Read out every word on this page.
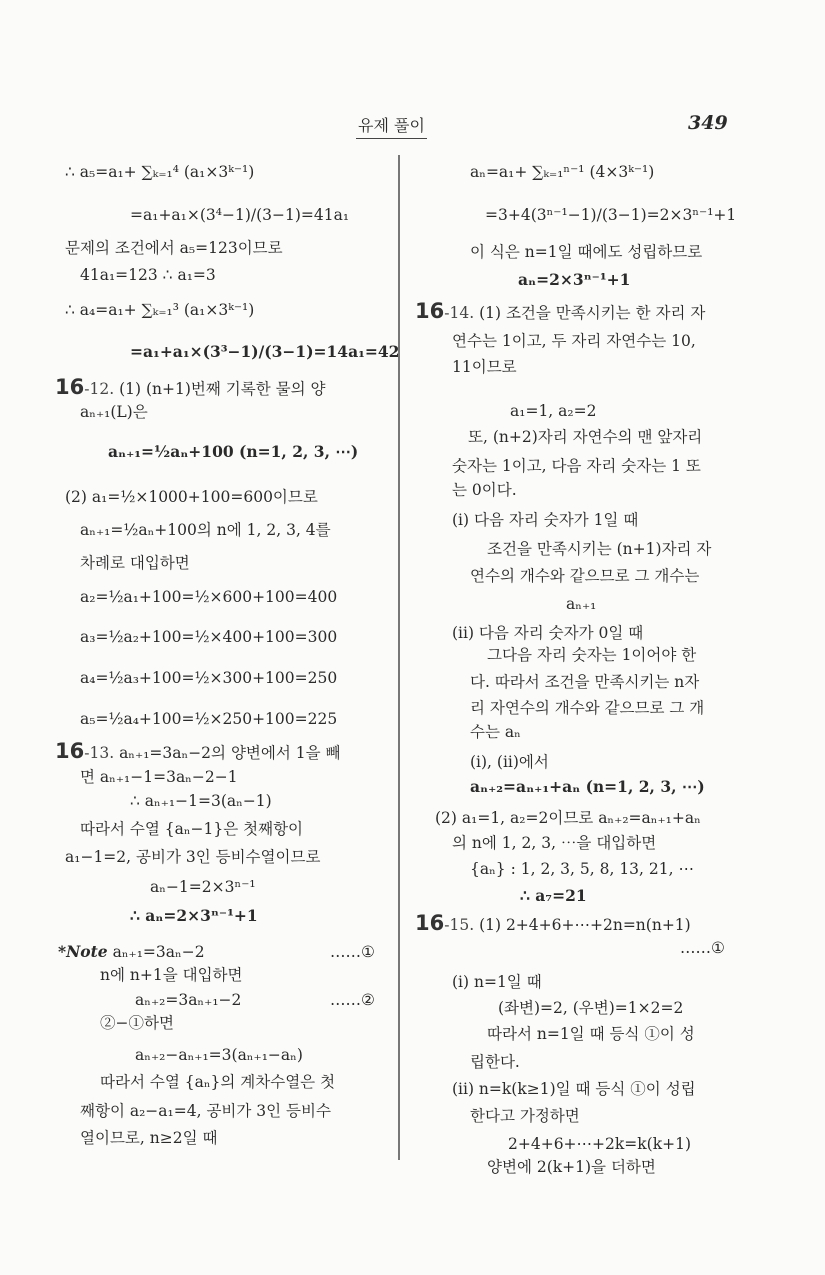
유제 풀이	349
∴ a₅=a₁+ ∑ₖ₌₁⁴ (a₁×3ᵏ⁻¹)
=a₁+a₁×(3⁴−1)/(3−1)=41a₁
문제의 조건에서 a₅=123이므로
41a₁=123 ∴ a₁=3
∴ a₄=a₁+ ∑ₖ₌₁³ (a₁×3ᵏ⁻¹)
=a₁+a₁×(3³−1)/(3−1)=14a₁=42
16-12. (1) (n+1)번째 기록한 물의 양
aₙ₊₁(L)은
aₙ₊₁=½aₙ+100 (n=1, 2, 3, ⋯)
(2) a₁=½×1000+100=600이므로
aₙ₊₁=½aₙ+100의 n에 1, 2, 3, 4를
차례로 대입하면
a₂=½a₁+100=½×600+100=400
a₃=½a₂+100=½×400+100=300
a₄=½a₃+100=½×300+100=250
a₅=½a₄+100=½×250+100=225
16-13. aₙ₊₁=3aₙ−2의 양변에서 1을 빼
면 aₙ₊₁−1=3aₙ−2−1
∴ aₙ₊₁−1=3(aₙ−1)
따라서 수열 {aₙ−1}은 첫째항이
a₁−1=2, 공비가 3인 등비수열이므로
aₙ−1=2×3ⁿ⁻¹
∴ aₙ=2×3ⁿ⁻¹+1
*Note aₙ₊₁=3aₙ−2	……①
n에 n+1을 대입하면
aₙ₊₂=3aₙ₊₁−2	……②
②−①하면
aₙ₊₂−aₙ₊₁=3(aₙ₊₁−aₙ)
따라서 수열 {aₙ}의 계차수열은 첫
째항이 a₂−a₁=4, 공비가 3인 등비수
열이므로, n≥2일 때
aₙ=a₁+ ∑ₖ₌₁ⁿ⁻¹ (4×3ᵏ⁻¹)
=3+4(3ⁿ⁻¹−1)/(3−1)=2×3ⁿ⁻¹+1
이 식은 n=1일 때에도 성립하므로
aₙ=2×3ⁿ⁻¹+1
16-14. (1) 조건을 만족시키는 한 자리 자
연수는 1이고, 두 자리 자연수는 10,
11이므로
a₁=1, a₂=2
또, (n+2)자리 자연수의 맨 앞자리
숫자는 1이고, 다음 자리 숫자는 1 또
는 0이다.
(i) 다음 자리 숫자가 1일 때
조건을 만족시키는 (n+1)자리 자
연수의 개수와 같으므로 그 개수는
aₙ₊₁
(ii) 다음 자리 숫자가 0일 때
그다음 자리 숫자는 1이어야 한
다. 따라서 조건을 만족시키는 n자
리 자연수의 개수와 같으므로 그 개
수는 aₙ
(i), (ii)에서
aₙ₊₂=aₙ₊₁+aₙ (n=1, 2, 3, ⋯)
(2) a₁=1, a₂=2이므로 aₙ₊₂=aₙ₊₁+aₙ
의 n에 1, 2, 3, ⋯을 대입하면
{aₙ} : 1, 2, 3, 5, 8, 13, 21, ⋯
∴ a₇=21
16-15. (1) 2+4+6+⋯+2n=n(n+1)
……①
(i) n=1일 때
(좌변)=2, (우변)=1×2=2
따라서 n=1일 때 등식 ①이 성
립한다.
(ii) n=k(k≥1)일 때 등식 ①이 성립
한다고 가정하면
2+4+6+⋯+2k=k(k+1)
양변에 2(k+1)을 더하면
